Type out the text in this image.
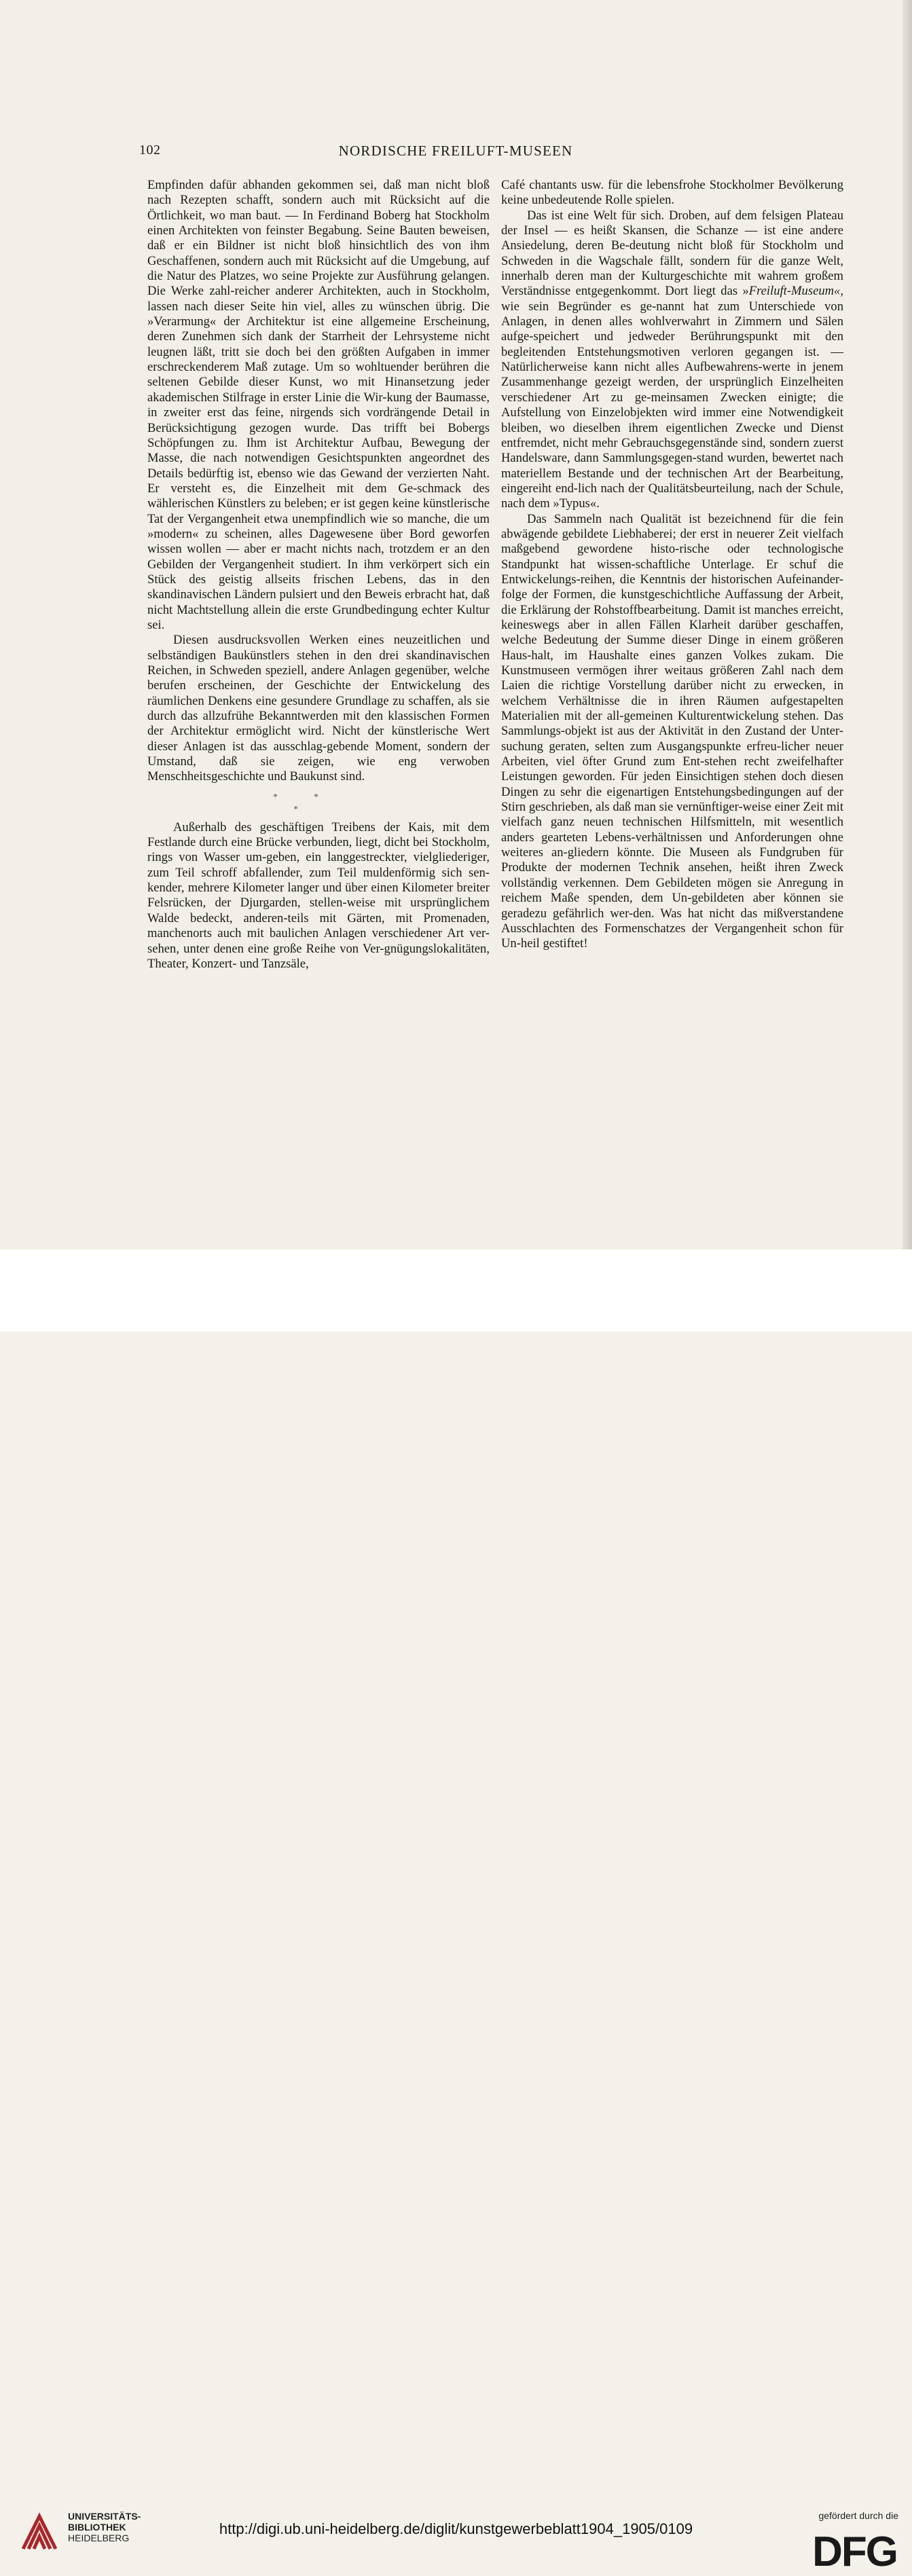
102	NORDISCHE FREILUFT-MUSEEN

Empfinden dafür abhanden gekommen sei, daß man nicht bloß nach Rezepten schafft, sondern auch mit Rücksicht auf die Örtlichkeit, wo man baut. — In Ferdinand Boberg hat Stockholm einen Architekten von feinster Begabung. Seine Bauten beweisen, daß er ein Bildner ist nicht bloß hinsichtlich des von ihm Geschaffenen, sondern auch mit Rücksicht auf die Umgebung, auf die Natur des Platzes, wo seine Projekte zur Ausführung gelangen. Die Werke zahl-reicher anderer Architekten, auch in Stockholm, lassen nach dieser Seite hin viel, alles zu wünschen übrig. Die »Verarmung« der Architektur ist eine allgemeine Erscheinung, deren Zunehmen sich dank der Starrheit der Lehrsysteme nicht leugnen läßt, tritt sie doch bei den größten Aufgaben in immer erschreckenderem Maß zutage. Um so wohltuender berühren die seltenen Gebilde dieser Kunst, wo mit Hinansetzung jeder akademischen Stilfrage in erster Linie die Wir-kung der Baumasse, in zweiter erst das feine, nirgends sich vordrängende Detail in Berücksichtigung gezogen wurde. Das trifft bei Bobergs Schöpfungen zu. Ihm ist Architektur Aufbau, Bewegung der Masse, die nach notwendigen Gesichtspunkten angeordnet des Details bedürftig ist, ebenso wie das Gewand der verzierten Naht. Er versteht es, die Einzelheit mit dem Ge-schmack des wählerischen Künstlers zu beleben; er ist gegen keine künstlerische Tat der Vergangenheit etwa unempfindlich wie so manche, die um »modern« zu scheinen, alles Dagewesene über Bord geworfen wissen wollen — aber er macht nichts nach, trotzdem er an den Gebilden der Vergangenheit studiert. In ihm verkörpert sich ein Stück des geistig allseits frischen Lebens, das in den skandinavischen Ländern pulsiert und den Beweis erbracht hat, daß nicht Machtstellung allein die erste Grundbedingung echter Kultur sei.

Diesen ausdrucksvollen Werken eines neuzeitlichen und selbständigen Baukünstlers stehen in den drei skandinavischen Reichen, in Schweden speziell, andere Anlagen gegenüber, welche berufen erscheinen, der Geschichte der Entwickelung des räumlichen Denkens eine gesundere Grundlage zu schaffen, als sie durch das allzufrühe Bekanntwerden mit den klassischen Formen der Architektur ermöglicht wird. Nicht der künstlerische Wert dieser Anlagen ist das ausschlag-gebende Moment, sondern der Umstand, daß sie zeigen, wie eng verwoben Menschheitsgeschichte und Baukunst sind.

*	*
*

Außerhalb des geschäftigen Treibens der Kais, mit dem Festlande durch eine Brücke verbunden, liegt, dicht bei Stockholm, rings von Wasser um-geben, ein langgestreckter, vielgliederiger, zum Teil schroff abfallender, zum Teil muldenförmig sich sen-kender, mehrere Kilometer langer und über einen Kilometer breiter Felsrücken, der Djurgarden, stellen-weise mit ursprünglichem Walde bedeckt, anderen-teils mit Gärten, mit Promenaden, manchenorts auch mit baulichen Anlagen verschiedener Art ver-sehen, unter denen eine große Reihe von Ver-gnügungslokalitäten, Theater, Konzert- und Tanzsäle,

Café chantants usw. für die lebensfrohe Stockholmer Bevölkerung keine unbedeutende Rolle spielen.

Das ist eine Welt für sich. Droben, auf dem felsigen Plateau der Insel — es heißt Skansen, die Schanze — ist eine andere Ansiedelung, deren Be-deutung nicht bloß für Stockholm und Schweden in die Wagschale fällt, sondern für die ganze Welt, innerhalb deren man der Kulturgeschichte mit wahrem großem Verständnisse entgegenkommt. Dort liegt das »Freiluft-Museum«, wie sein Begründer es ge-nannt hat zum Unterschiede von Anlagen, in denen alles wohlverwahrt in Zimmern und Sälen aufge-speichert und jedweder Berührungspunkt mit den begleitenden Entstehungsmotiven verloren gegangen ist. — Natürlicherweise kann nicht alles Aufbewahrens-werte in jenem Zusammenhange gezeigt werden, der ursprünglich Einzelheiten verschiedener Art zu ge-meinsamen Zwecken einigte; die Aufstellung von Einzelobjekten wird immer eine Notwendigkeit bleiben, wo dieselben ihrem eigentlichen Zwecke und Dienst entfremdet, nicht mehr Gebrauchsgegenstände sind, sondern zuerst Handelsware, dann Sammlungsgegen-stand wurden, bewertet nach materiellem Bestande und der technischen Art der Bearbeitung, eingereiht end-lich nach der Qualitätsbeurteilung, nach der Schule, nach dem »Typus«.

Das Sammeln nach Qualität ist bezeichnend für die fein abwägende gebildete Liebhaberei; der erst in neuerer Zeit vielfach maßgebend gewordene histo-rische oder technologische Standpunkt hat wissen-schaftliche Unterlage. Er schuf die Entwickelungs-reihen, die Kenntnis der historischen Aufeinander-folge der Formen, die kunstgeschichtliche Auffassung der Arbeit, die Erklärung der Rohstoffbearbeitung. Damit ist manches erreicht, keineswegs aber in allen Fällen Klarheit darüber geschaffen, welche Bedeutung der Summe dieser Dinge in einem größeren Haus-halt, im Haushalte eines ganzen Volkes zukam. Die Kunstmuseen vermögen ihrer weitaus größeren Zahl nach dem Laien die richtige Vorstellung darüber nicht zu erwecken, in welchem Verhältnisse die in ihren Räumen aufgestapelten Materialien mit der all-gemeinen Kulturentwickelung stehen. Das Sammlungs-objekt ist aus der Aktivität in den Zustand der Unter-suchung geraten, selten zum Ausgangspunkte erfreu-licher neuer Arbeiten, viel öfter Grund zum Ent-stehen recht zweifelhafter Leistungen geworden. Für jeden Einsichtigen stehen doch diesen Dingen zu sehr die eigenartigen Entstehungsbedingungen auf der Stirn geschrieben, als daß man sie vernünftiger-weise einer Zeit mit vielfach ganz neuen technischen Hilfsmitteln, mit wesentlich anders gearteten Lebens-verhältnissen und Anforderungen ohne weiteres an-gliedern könnte. Die Museen als Fundgruben für Produkte der modernen Technik ansehen, heißt ihren Zweck vollständig verkennen. Dem Gebildeten mögen sie Anregung in reichem Maße spenden, dem Un-gebildeten aber können sie geradezu gefährlich wer-den. Was hat nicht das mißverstandene Ausschlachten des Formenschatzes der Vergangenheit schon für Un-heil gestiftet!

UNIVERSITÄTS-
BIBLIOTHEK
HEIDELBERG
http://digi.ub.uni-heidelberg.de/diglit/kunstgewerbeblatt1904_1905/0109
gefördert durch die
DFG
